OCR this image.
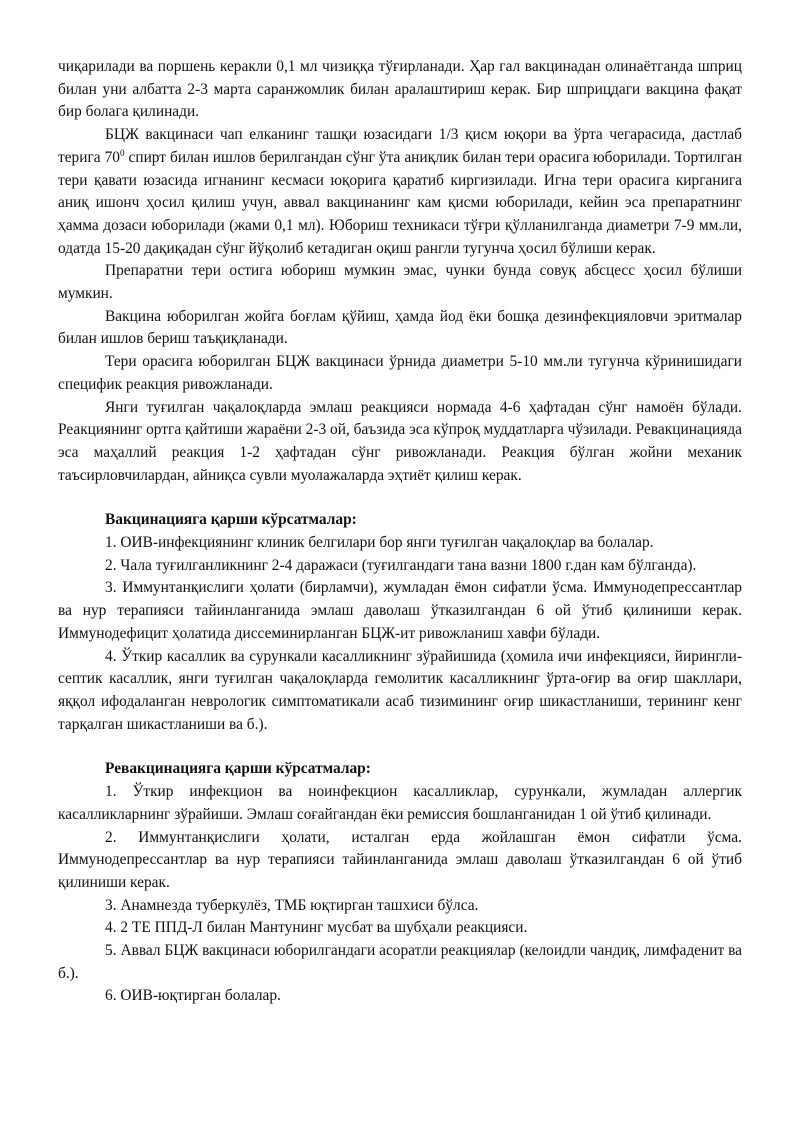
чиқарилади ва поршень керакли 0,1 мл чизиққа тўғирланади. Ҳар гал вакцинадан олинаётганда шприц билан уни албатта 2-3 марта саранжомлик билан аралаштириш керак. Бир шприцдаги вакцина фақат бир болага қилинади.

БЦЖ вакцинаси чап елканинг ташқи юзасидаги 1/3 қисм юқори ва ўрта чегарасида, дастлаб терига $70^0$ спирт билан ишлов берилгандан сўнг ўта аниқлик билан тери орасига юборилади. Тортилган тери қавати юзасида игнанинг кесмаси юқорига қаратиб киргизилади. Игна тери орасига кирганига аниқ ишонч ҳосил қилиш учун, аввал вакцинанинг кам қисми юборилади, кейин эса препаратнинг ҳамма дозаси юборилади (жами 0,1 мл). Юбориш техникаси тўғри қўлланилганда диаметри 7-9 мм.ли, одатда 15-20 дақиқадан сўнг йўқолиб кетадиган оқиш рангли тугунча ҳосил бўлиши керак.

Препаратни тери остига юбориш мумкин эмас, чунки бунда совуқ абсцесс ҳосил бўлиши мумкин.

Вакцина юборилган жойга боғлам қўйиш, ҳамда йод ёки бошқа дезинфекцияловчи эритмалар билан ишлов бериш таъқиқланади.

Тери орасига юборилган БЦЖ вакцинаси ўрнида диаметри 5-10 мм.ли тугунча кўринишидаги специфик реакция ривожланади.

Янги туғилган чақалоқларда эмлаш реакцияси нормада 4-6 ҳафтадан сўнг намоён бўлади. Реакциянинг ортга қайтиши жараёни 2-3 ой, баъзида эса кўпроқ муддатларга чўзилади. Ревакцинацияда эса маҳаллий реакция 1-2 ҳафтадан сўнг ривожланади. Реакция бўлган жойни механик таъсирловчилардан, айниқса сувли муолажаларда эҳтиёт қилиш керак.

Вакцинацияга қарши кўрсатмалар:

1. ОИВ-инфекциянинг клиник белгилари бор янги туғилган чақалоқлар ва болалар.

2. Чала туғилганликнинг 2-4 даражаси (туғилгандаги тана вазни 1800 г.дан кам бўлганда).

3. Иммунтанқислиги ҳолати (бирламчи), жумладан ёмон сифатли ўсма. Иммунодепрессантлар ва нур терапияси тайинланганида эмлаш даволаш ўтказилгандан 6 ой ўтиб қилиниши керак. Иммунодефицит ҳолатида диссеминирланган БЦЖ-ит ривожланиш хавфи бўлади.

4. Ўткир касаллик ва сурункали касалликнинг зўрайишида (ҳомила ичи инфекцияси, йирингли-септик касаллик, янги туғилган чақалоқларда гемолитик касалликнинг ўрта-оғир ва оғир шакллари, яққол ифодаланган неврологик симптоматикали асаб тизимининг оғир шикастланиши, терининг кенг тарқалган шикастланиши ва б.).

Ревакцинацияга қарши кўрсатмалар:

1. Ўткир инфекцион ва ноинфекцион касалликлар, сурункали, жумладан аллергик касалликларнинг зўрайиши. Эмлаш соғайгандан ёки ремиссия бошланганидан 1 ой ўтиб қилинади.

2. Иммунтанқислиги ҳолати, исталган ерда жойлашган ёмон сифатли ўсма. Иммунодепрессантлар ва нур терапияси тайинланганида эмлаш даволаш ўтказилгандан 6 ой ўтиб қилиниши керак.

3. Анамнезда туберкулёз, ТМБ юқтирган ташхиси бўлса.

4. 2 ТЕ ППД-Л билан Мантунинг мусбат ва шубҳали реакцияси.

5. Аввал БЦЖ вакцинаси юборилгандаги асоратли реакциялар (келоидли чандиқ, лимфаденит ва б.).

6. ОИВ-юқтирган болалар.
